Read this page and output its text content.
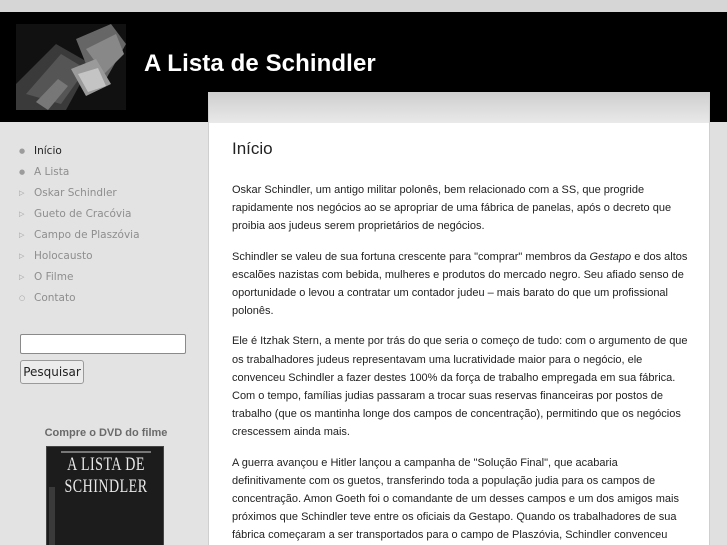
A Lista de Schindler
● Início
● A Lista
▷ Oskar Schindler
▷ Gueto de Cracóvia
▷ Campo de Plaszóvia
▷ Holocausto
▷ O Filme
○ Contato
Pesquisar
Compre o DVD do filme
A LISTA DE SCHINDLER
Início

Oskar Schindler, um antigo militar polonês, bem relacionado com a SS, que progride rapidamente nos negócios ao se apropriar de uma fábrica de panelas, após o decreto que proibia aos judeus serem proprietários de negócios.

Schindler se valeu de sua fortuna crescente para "comprar" membros da Gestapo e dos altos escalões nazistas com bebida, mulheres e produtos do mercado negro. Seu afiado senso de oportunidade o levou a contratar um contador judeu – mais barato do que um profissional polonês.

Ele é Itzhak Stern, a mente por trás do que seria o começo de tudo: com o argumento de que os trabalhadores judeus representavam uma lucratividade maior para o negócio, ele convenceu Schindler a fazer destes 100% da força de trabalho empregada em sua fábrica. Com o tempo, famílias judias passaram a trocar suas reservas financeiras por postos de trabalho (que os mantinha longe dos campos de concentração), permitindo que os negócios crescessem ainda mais.

A guerra avançou e Hitler lançou a campanha de "Solução Final", que acabaria definitivamente com os guetos, transferindo toda a população judia para os campos de concentração. Amon Goeth foi o comandante de um desses campos e um dos amigos mais próximos que Schindler teve entre os oficiais da Gestapo. Quando os trabalhadores de sua fábrica começaram a ser transportados para o campo de Plaszóvia, Schindler convenceu
